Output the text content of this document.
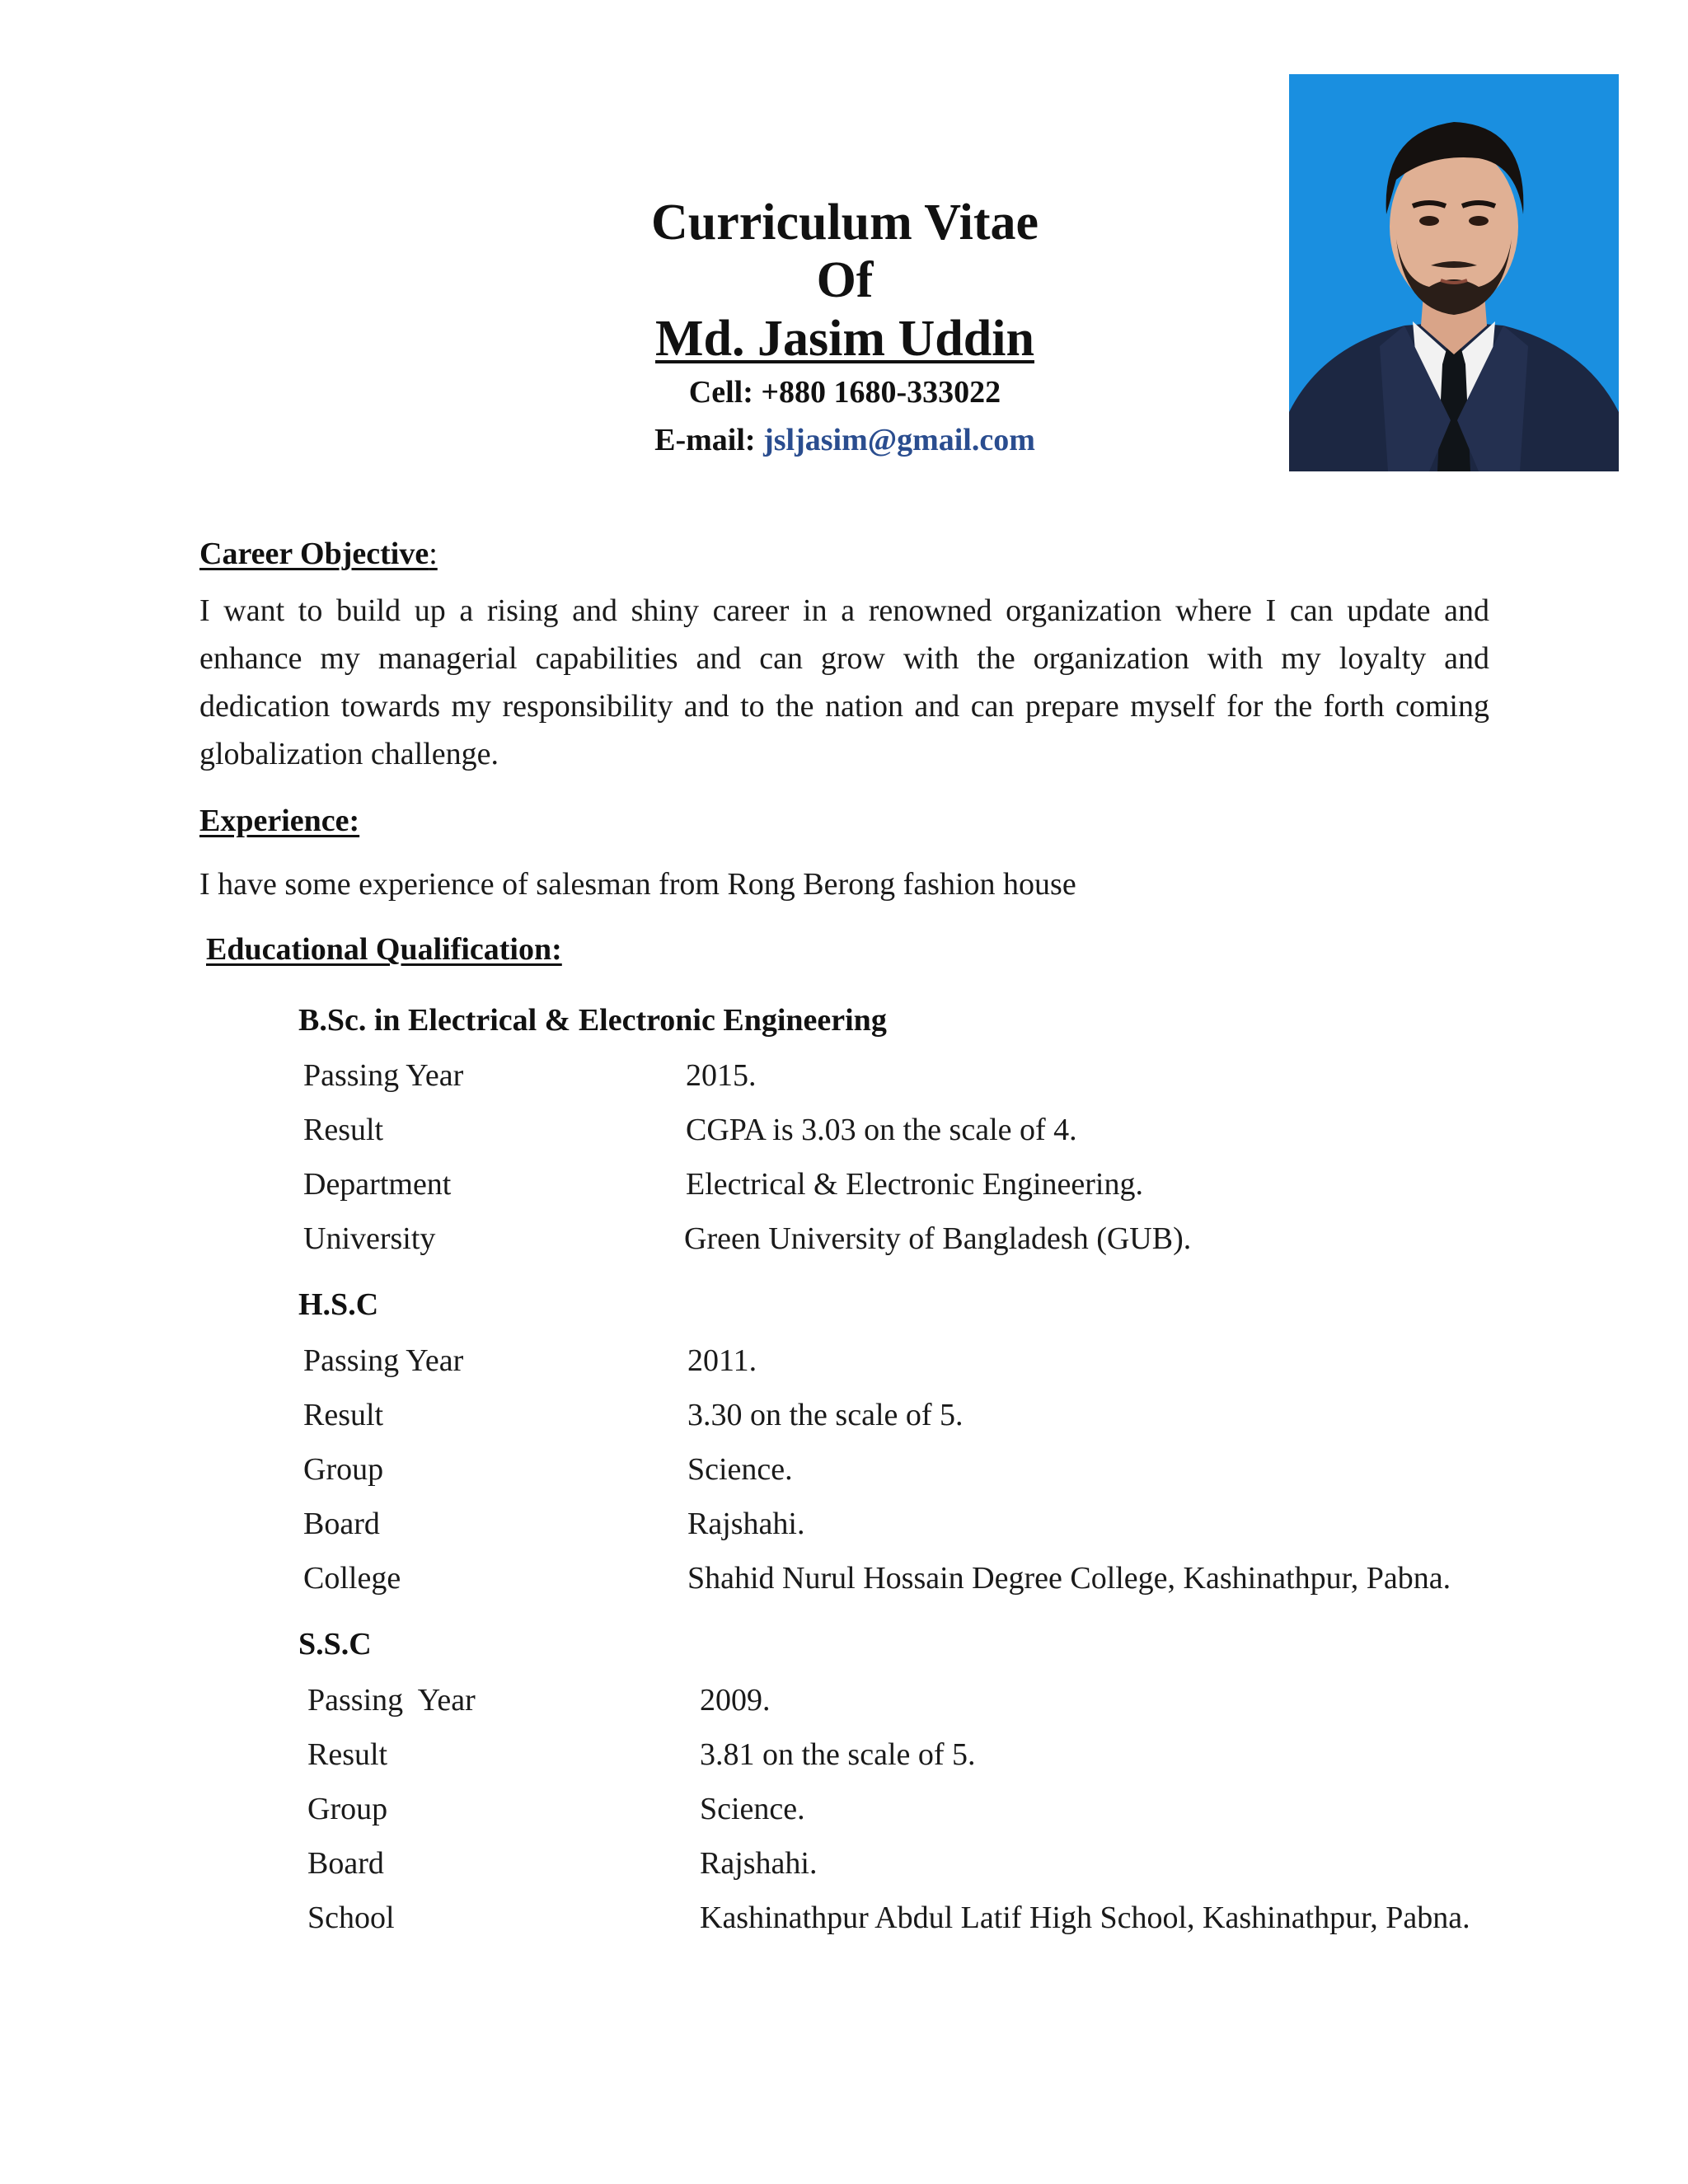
Curriculum Vitae
Of
Md. Jasim Uddin
Cell: +880 1680-333022
E-mail: jsljasim@gmail.com
Career Objective:
I want to build up a rising and shiny career in a renowned organization where I can update and enhance my managerial capabilities and can grow with the organization with my loyalty and dedication towards my responsibility and to the nation and can prepare myself for the forth coming globalization challenge.
Experience:
I have some experience of salesman from Rong Berong fashion house
Educational Qualification:
B.Sc. in Electrical & Electronic Engineering
Passing Year	2015.
Result	CGPA is 3.03 on the scale of 4.
Department	Electrical & Electronic Engineering.
University	Green University of Bangladesh (GUB).
H.S.C
Passing Year	2011.
Result	3.30 on the scale of 5.
Group	Science.
Board	Rajshahi.
College	Shahid Nurul Hossain Degree College, Kashinathpur, Pabna.
S.S.C
Passing  Year	2009.
Result	3.81 on the scale of 5.
Group	Science.
Board	Rajshahi.
School	Kashinathpur Abdul Latif High School, Kashinathpur, Pabna.
